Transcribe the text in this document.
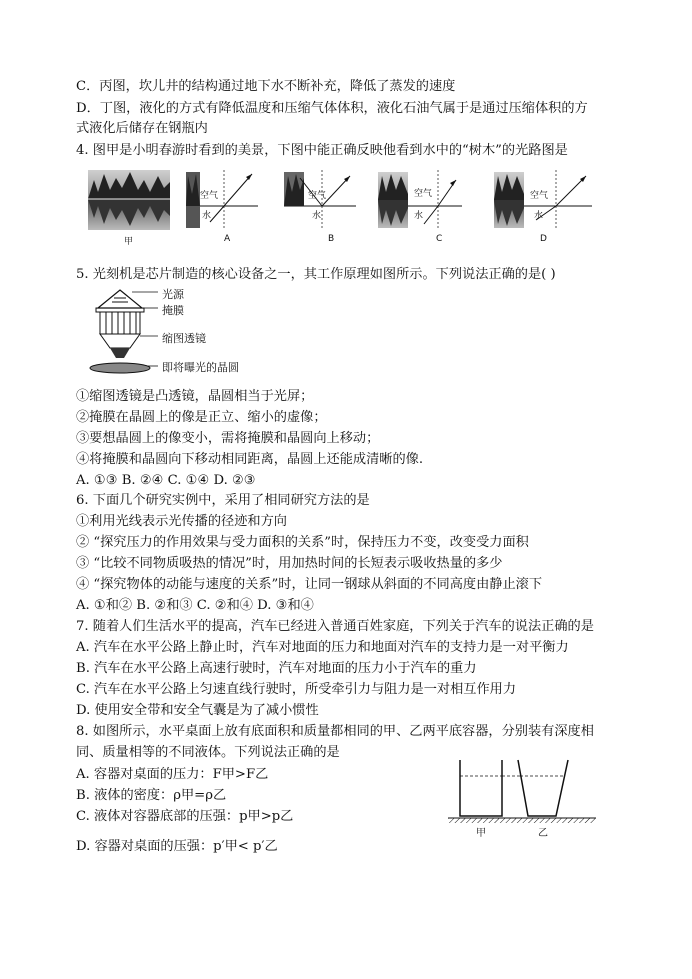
C．丙图，坎儿井的结构通过地下水不断补充，降低了蒸发的速度
D．丁图，液化的方式有降低温度和压缩气体体积，液化石油气属于是通过压缩体积的方
式液化后储存在钢瓶内
4. 图甲是小明春游时看到的美景，下图中能正确反映他看到水中的“树木”的光路图是
空气
水
空气
水
空气
水
空气
水
甲	A	B	C	D
5. 光刻机是芯片制造的核心设备之一，其工作原理如图所示。下列说法正确的是( )
光源
掩膜
缩图透镜
即将曝光的晶圆
①缩图透镜是凸透镜，晶圆相当于光屏；
②掩膜在晶圆上的像是正立、缩小的虚像；
③要想晶圆上的像变小，需将掩膜和晶圆向上移动；
④将掩膜和晶圆向下移动相同距离，晶圆上还能成清晰的像.
A. ①③ B. ②④ C. ①④ D. ②③
6. 下面几个研究实例中，采用了相同研究方法的是
①利用光线表示光传播的径迹和方向
② “探究压力的作用效果与受力面积的关系”时，保持压力不变，改变受力面积
③ “比较不同物质吸热的情况”时，用加热时间的长短表示吸收热量的多少
④ “探究物体的动能与速度的关系”时，让同一钢球从斜面的不同高度由静止滚下
A. ①和② B. ②和③ C. ②和④ D. ③和④
7. 随着人们生活水平的提高，汽车已经进入普通百姓家庭，下列关于汽车的说法正确的是
A. 汽车在水平公路上静止时，汽车对地面的压力和地面对汽车的支持力是一对平衡力
B. 汽车在水平公路上高速行驶时，汽车对地面的压力小于汽车的重力
C. 汽车在水平公路上匀速直线行驶时，所受牵引力与阻力是一对相互作用力
D. 使用安全带和安全气囊是为了减小惯性
8. 如图所示，水平桌面上放有底面积和质量都相同的甲、乙两平底容器，分别装有深度相
同、质量相等的不同液体。下列说法正确的是
A. 容器对桌面的压力：F甲>F乙
B. 液体的密度：ρ甲=ρ乙
C. 液体对容器底部的压强：p甲>p乙
D. 容器对桌面的压强：p′甲< p′乙
甲	乙
